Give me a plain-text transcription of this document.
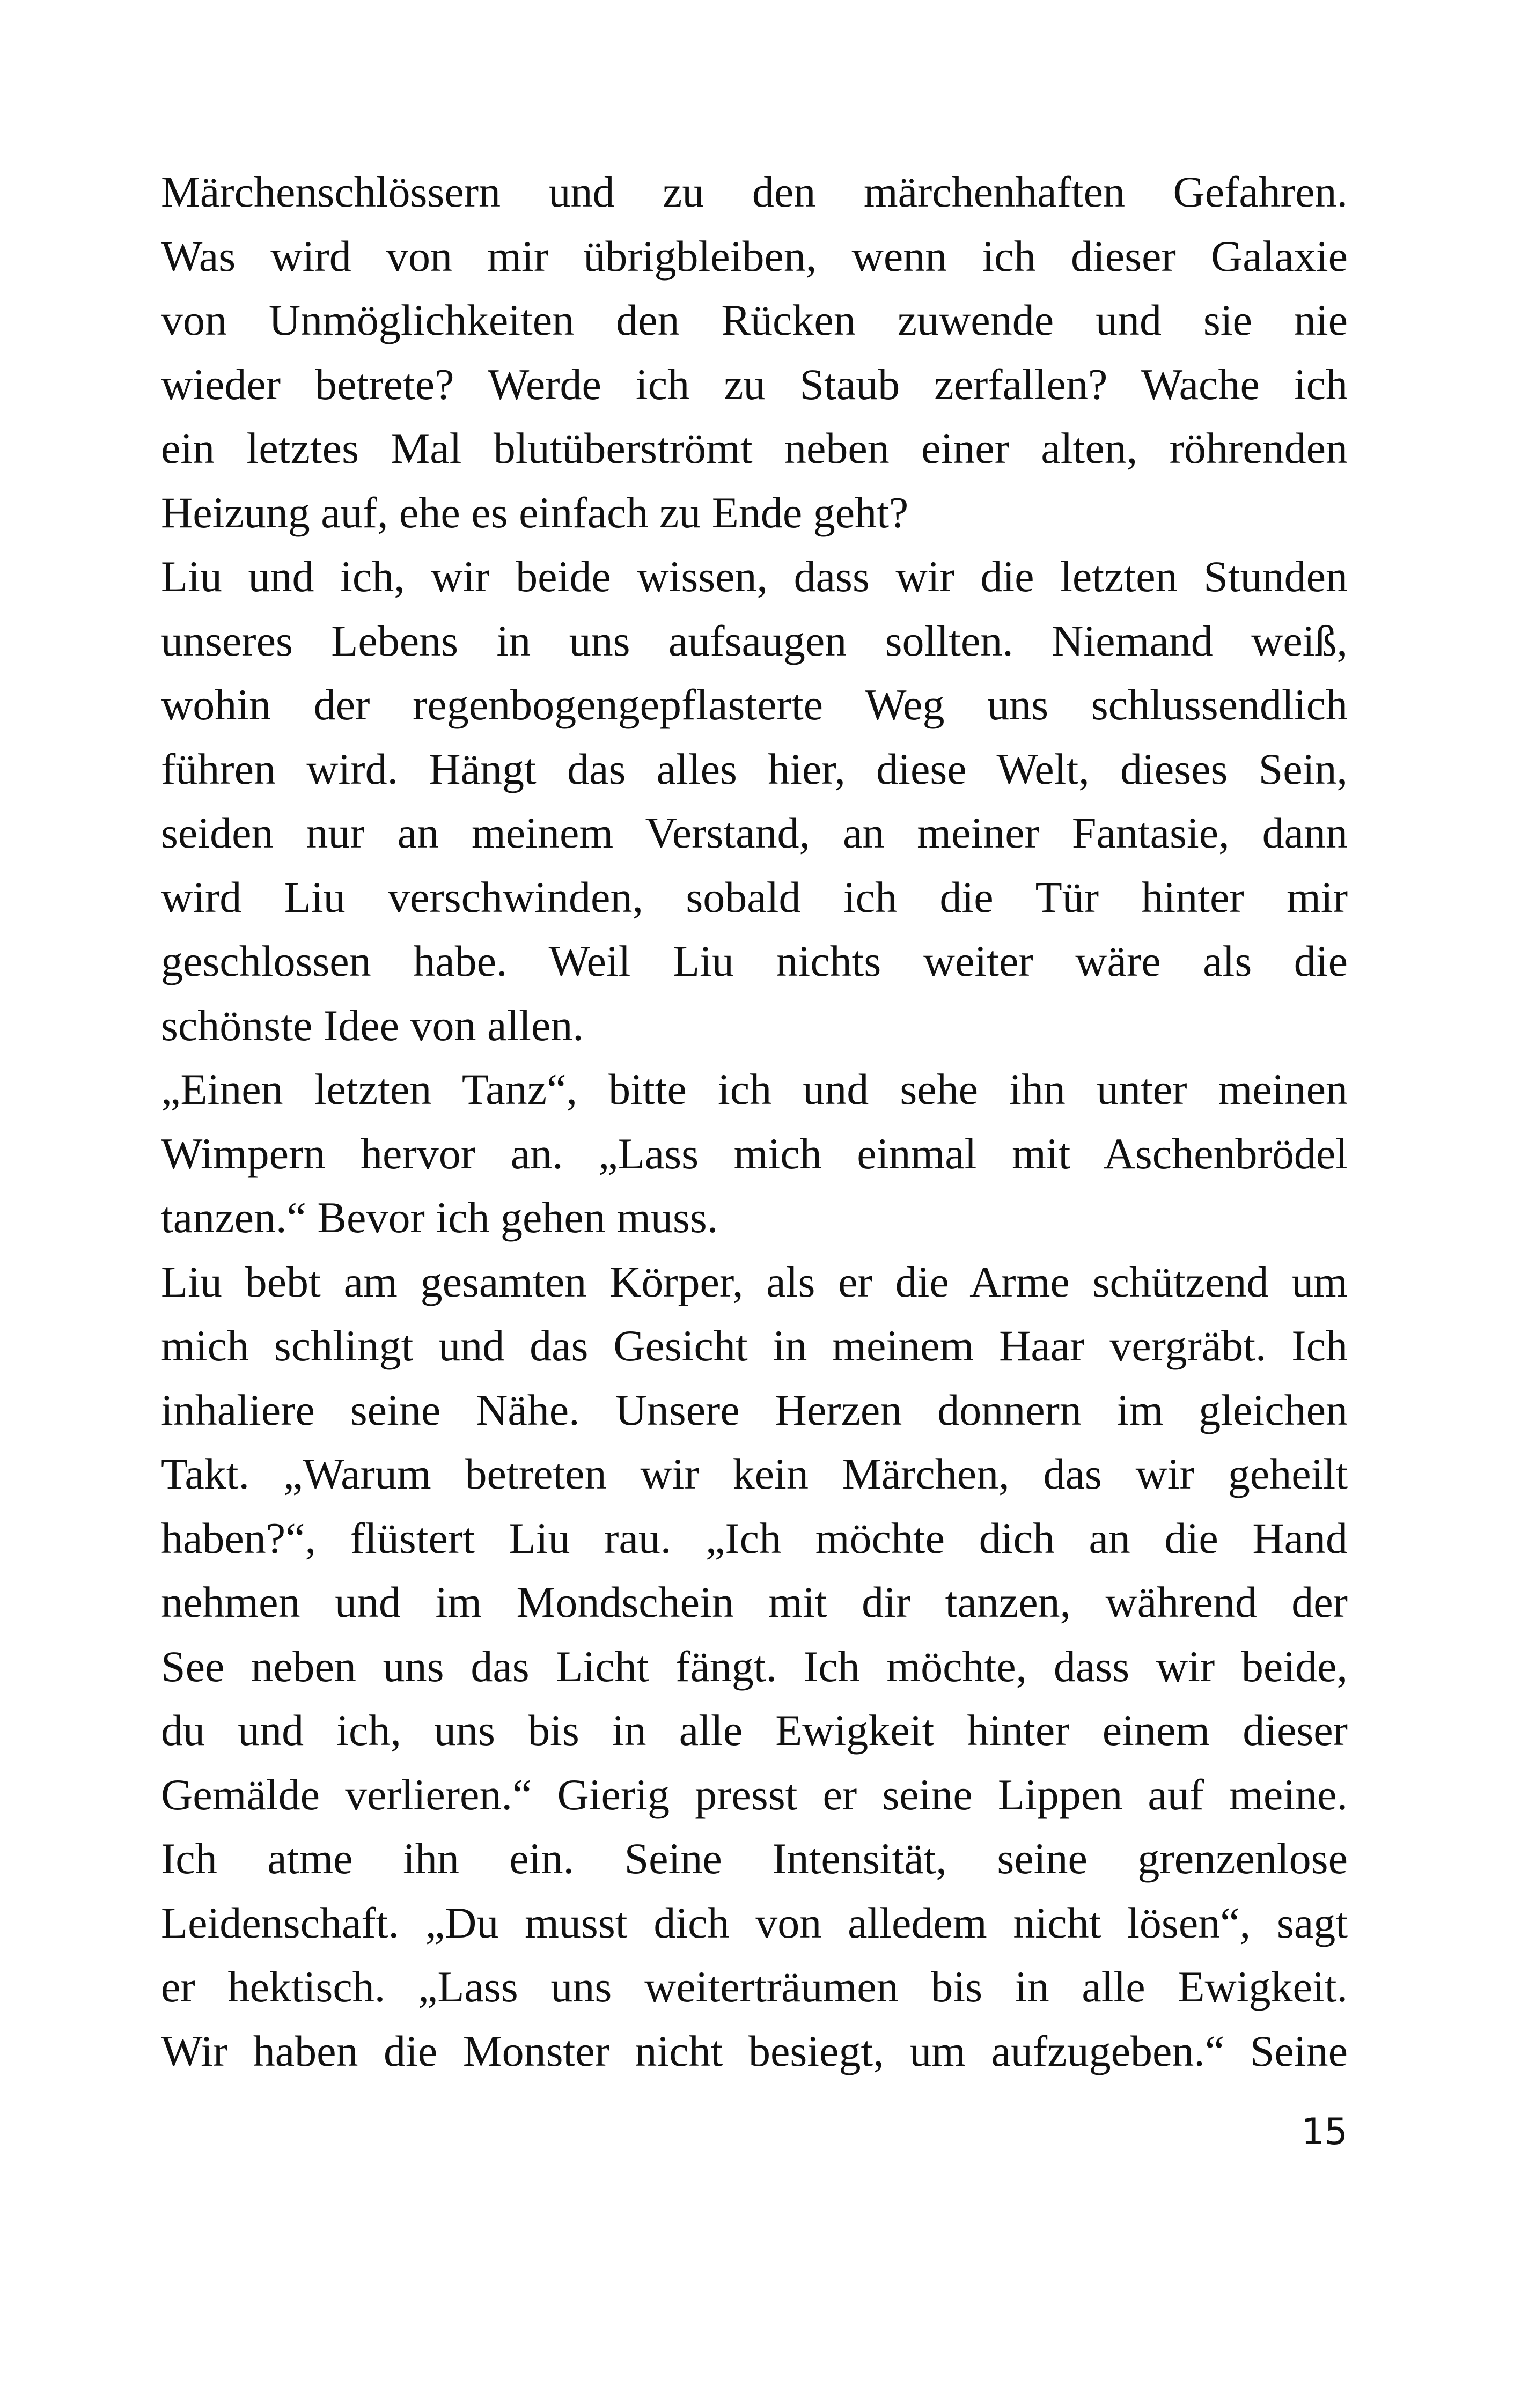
Märchenschlössern und zu den märchenhaften Gefahren.
Was wird von mir übrigbleiben, wenn ich dieser Galaxie
von Unmöglichkeiten den Rücken zuwende und sie nie
wieder betrete? Werde ich zu Staub zerfallen? Wache ich
ein letztes Mal blutüberströmt neben einer alten, röhrenden
Heizung auf, ehe es einfach zu Ende geht?
Liu und ich, wir beide wissen, dass wir die letzten Stunden
unseres Lebens in uns aufsaugen sollten. Niemand weiß,
wohin der regenbogengepflasterte Weg uns schlussendlich
führen wird. Hängt das alles hier, diese Welt, dieses Sein,
seiden nur an meinem Verstand, an meiner Fantasie, dann
wird Liu verschwinden, sobald ich die Tür hinter mir
geschlossen habe. Weil Liu nichts weiter wäre als die
schönste Idee von allen.
„Einen letzten Tanz“, bitte ich und sehe ihn unter meinen
Wimpern hervor an. „Lass mich einmal mit Aschenbrödel
tanzen.“ Bevor ich gehen muss.
Liu bebt am gesamten Körper, als er die Arme schützend um
mich schlingt und das Gesicht in meinem Haar vergräbt. Ich
inhaliere seine Nähe. Unsere Herzen donnern im gleichen
Takt. „Warum betreten wir kein Märchen, das wir geheilt
haben?“, flüstert Liu rau. „Ich möchte dich an die Hand
nehmen und im Mondschein mit dir tanzen, während der
See neben uns das Licht fängt. Ich möchte, dass wir beide,
du und ich, uns bis in alle Ewigkeit hinter einem dieser
Gemälde verlieren.“ Gierig presst er seine Lippen auf meine.
Ich atme ihn ein. Seine Intensität, seine grenzenlose
Leidenschaft. „Du musst dich von alledem nicht lösen“, sagt
er hektisch. „Lass uns weiterträumen bis in alle Ewigkeit.
Wir haben die Monster nicht besiegt, um aufzugeben.“ Seine
15
